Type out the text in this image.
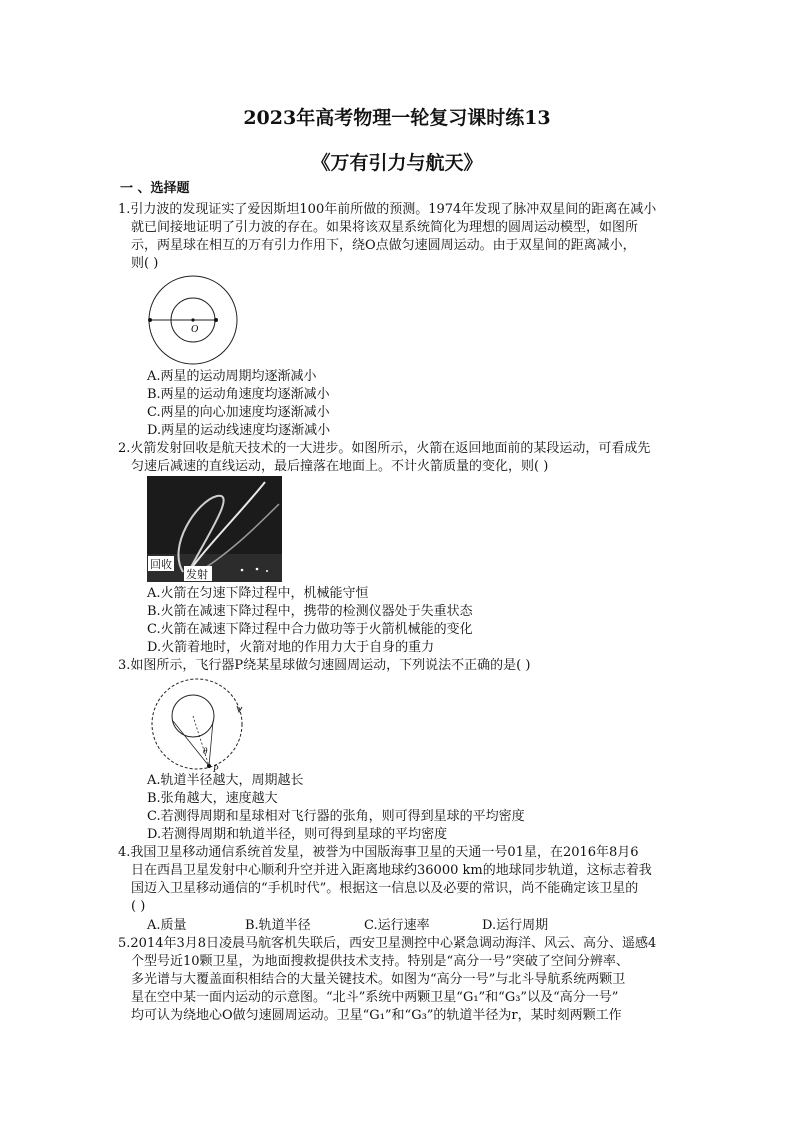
2023年高考物理一轮复习课时练13
《万有引力与航天》
一 、选择题
1.引力波的发现证实了爱因斯坦100年前所做的预测。1974年发现了脉冲双星间的距离在减小
就已间接地证明了引力波的存在。如果将该双星系统简化为理想的圆周运动模型，如图所
示，两星球在相互的万有引力作用下，绕O点做匀速圆周运动。由于双星间的距离减小，
则( )
O
A.两星的运动周期均逐渐减小
B.两星的运动角速度均逐渐减小
C.两星的向心加速度均逐渐减小
D.两星的运动线速度均逐渐减小
2.火箭发射回收是航天技术的一大进步。如图所示，火箭在返回地面前的某段运动，可看成先
匀速后减速的直线运动，最后撞落在地面上。不计火箭质量的变化，则( )
回收
发射
A.火箭在匀速下降过程中，机械能守恒
B.火箭在减速下降过程中，携带的检测仪器处于失重状态
C.火箭在减速下降过程中合力做功等于火箭机械能的变化
D.火箭着地时，火箭对地的作用力大于自身的重力
3.如图所示，飞行器P绕某星球做匀速圆周运动，下列说法不正确的是( )
θ
P
A.轨道半径越大，周期越长
B.张角越大，速度越大
C.若测得周期和星球相对飞行器的张角，则可得到星球的平均密度
D.若测得周期和轨道半径，则可得到星球的平均密度
4.我国卫星移动通信系统首发星，被誉为中国版海事卫星的天通一号01星，在2016年8月6
日在西昌卫星发射中心顺利升空并进入距离地球约36000 km的地球同步轨道，这标志着我
国迈入卫星移动通信的“手机时代”。根据这一信息以及必要的常识，尚不能确定该卫星的
( )
A.质量	B.轨道半径	C.运行速率	D.运行周期
5.2014年3月8日凌晨马航客机失联后，西安卫星测控中心紧急调动海洋、风云、高分、遥感4
个型号近10颗卫星，为地面搜救提供技术支持。特别是“高分一号”突破了空间分辨率、
多光谱与大覆盖面积相结合的大量关键技术。如图为“高分一号”与北斗导航系统两颗卫
星在空中某一面内运动的示意图。“北斗”系统中两颗卫星“G₁”和“G₃”以及“高分一号”
均可认为绕地心O做匀速圆周运动。卫星“G₁”和“G₃”的轨道半径为r，某时刻两颗工作
